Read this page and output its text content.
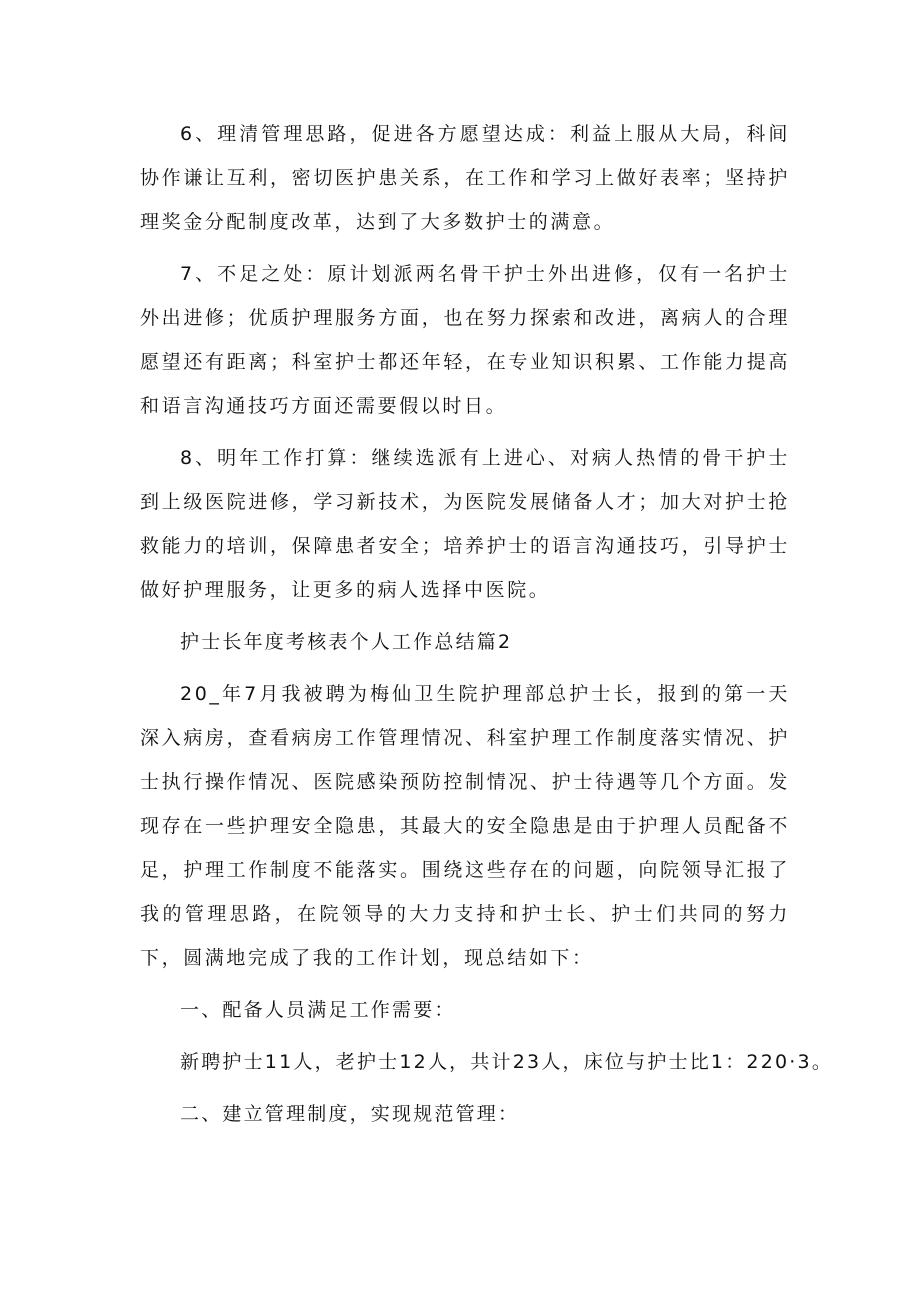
6、理清管理思路，促进各方愿望达成：利益上服从大局，科间协作谦让互利，密切医护患关系，在工作和学习上做好表率；坚持护理奖金分配制度改革，达到了大多数护士的满意。

7、不足之处：原计划派两名骨干护士外出进修，仅有一名护士外出进修；优质护理服务方面，也在努力探索和改进，离病人的合理愿望还有距离；科室护士都还年轻，在专业知识积累、工作能力提高和语言沟通技巧方面还需要假以时日。

8、明年工作打算：继续选派有上进心、对病人热情的骨干护士到上级医院进修，学习新技术，为医院发展储备人才；加大对护士抢救能力的培训，保障患者安全；培养护士的语言沟通技巧，引导护士做好护理服务，让更多的病人选择中医院。

护士长年度考核表个人工作总结篇2

20_年7月我被聘为梅仙卫生院护理部总护士长，报到的第一天深入病房，查看病房工作管理情况、科室护理工作制度落实情况、护士执行操作情况、医院感染预防控制情况、护士待遇等几个方面。发现存在一些护理安全隐患，其最大的安全隐患是由于护理人员配备不足，护理工作制度不能落实。围绕这些存在的问题，向院领导汇报了我的管理思路，在院领导的大力支持和护士长、护士们共同的努力下，圆满地完成了我的工作计划，现总结如下：

一、配备人员满足工作需要：

新聘护士11人，老护士12人，共计23人，床位与护士比1：220·3。

二、建立管理制度，实现规范管理：
